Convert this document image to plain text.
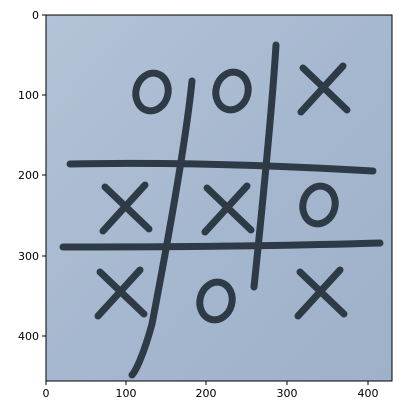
0	100	200	300	400
0
100
200
300
400
